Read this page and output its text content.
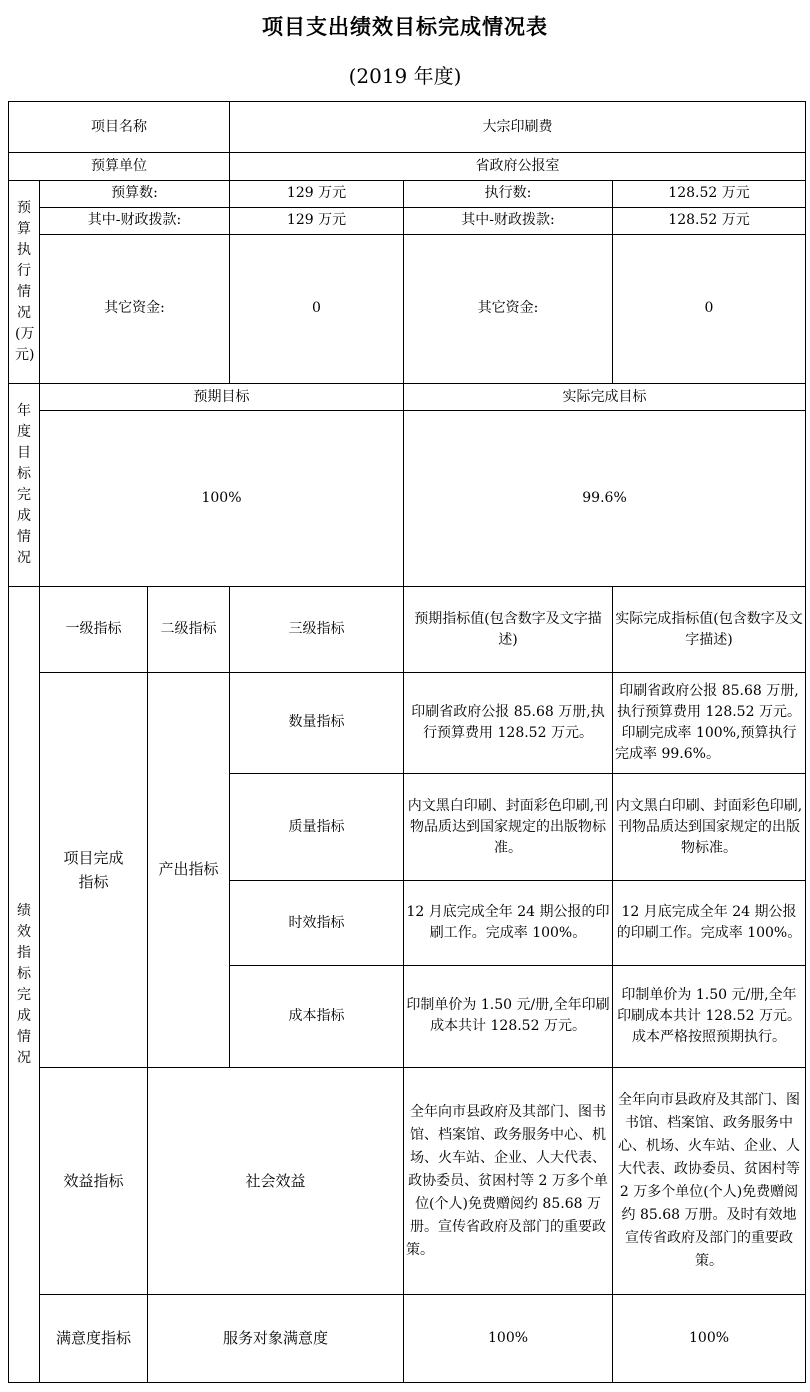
项目支出绩效目标完成情况表
(2019 年度)
项目名称			大宗印刷费		
预算单位			省政府公报室		

预算执行情况(万元)	预算数:		129 万元	执行数:	128.52 万元
	其中-财政拨款:		129 万元	其中-财政拨款:	128.52 万元
	其它资金:		0	其它资金:	0

年度目标完成情况	预期目标			实际完成目标	
	100%			99.6%	

绩效指标完成情况	一级指标	二级指标	三级指标	预期指标值(包含数字及文字描述)	实际完成指标值(包含数字及文字描述)
	项目完成指标	产出指标	数量指标	印刷省政府公报 85.68 万册,执行预算费用 128.52 万元。	印刷省政府公报 85.68 万册,执行预算费用 128.52 万元。印刷完成率 100%,预算执行完成率 99.6%。
			质量指标	内文黑白印刷、封面彩色印刷,刊物品质达到国家规定的出版物标准。	内文黑白印刷、封面彩色印刷,刊物品质达到国家规定的出版物标准。
			时效指标	12 月底完成全年 24 期公报的印刷工作。完成率 100%。	12 月底完成全年 24 期公报的印刷工作。完成率 100%。
			成本指标	印制单价为 1.50 元/册,全年印刷成本共计 128.52 万元。	印制单价为 1.50 元/册,全年印刷成本共计 128.52 万元。成本严格按照预期执行。
	效益指标	社会效益		全年向市县政府及其部门、图书馆、档案馆、政务服务中心、机场、火车站、企业、人大代表、政协委员、贫困村等 2 万多个单位(个人)免费赠阅约 85.68 万册。宣传省政府及部门的重要政策。	全年向市县政府及其部门、图书馆、档案馆、政务服务中心、机场、火车站、企业、人大代表、政协委员、贫困村等 2 万多个单位(个人)免费赠阅约 85.68 万册。及时有效地宣传省政府及部门的重要政策。
	满意度指标	服务对象满意度		100%	100%
